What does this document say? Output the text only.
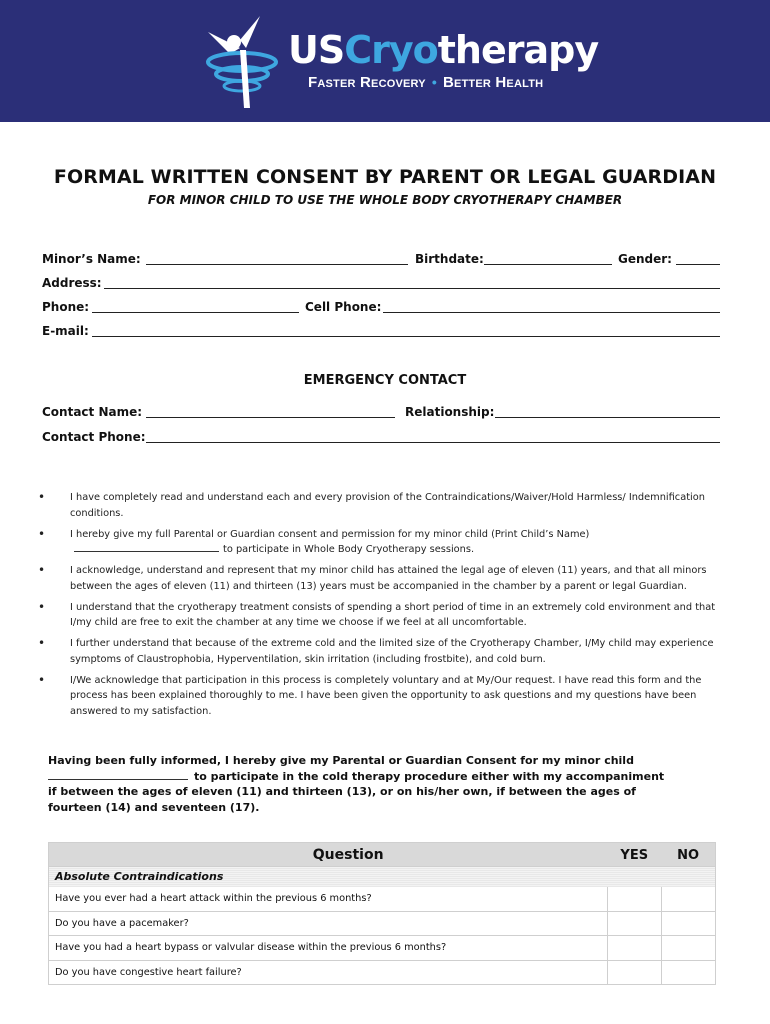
USCryotherapy
Faster Recovery • Better Health
FORMAL WRITTEN CONSENT BY PARENT OR LEGAL GUARDIAN
FOR MINOR CHILD TO USE THE WHOLE BODY CRYOTHERAPY CHAMBER
Minor’s Name:	Birthdate:	Gender:
Address:
Phone:	Cell Phone:
E-mail:
EMERGENCY CONTACT
Contact Name:	Relationship:
Contact Phone:
•	I have completely read and understand each and every provision of the Contraindications/Waiver/Hold Harmless/ Indemnification conditions.
•	I hereby give my full Parental or Guardian consent and permission for my minor child (Print Child’s Name)to participate in Whole Body Cryotherapy sessions.
•	I acknowledge, understand and represent that my minor child has attained the legal age of eleven (11) years, and that all minors between the ages of eleven (11) and thirteen (13) years must be accompanied in the chamber by a parent or legal Guardian.
•	I understand that the cryotherapy treatment consists of spending a short period of time in an extremely cold environment and that I/my child are free to exit the chamber at any time we choose if we feel at all uncomfortable.
•	I further understand that because of the extreme cold and the limited size of the Cryotherapy Chamber, I/My child may experience symptoms of Claustrophobia, Hyperventilation, skin irritation (including frostbite), and cold burn.
•	I/We acknowledge that participation in this process is completely voluntary and at My/Our request. I have read this form and the process has been explained thoroughly to me. I have been given the opportunity to ask questions and my questions have been answered to my satisfaction.
Having been fully informed, I hereby give my Parental or Guardian Consent for my minor child
to participate in the cold therapy procedure either with my accompaniment
if between the ages of eleven (11) and thirteen (13), or on his/her own, if between the ages of fourteen (14) and seventeen (17).
Question	YES	NO
Absolute Contraindications
Have you ever had a heart attack within the previous 6 months?
Do you have a pacemaker?
Have you had a heart bypass or valvular disease within the previous 6 months?
Do you have congestive heart failure?
